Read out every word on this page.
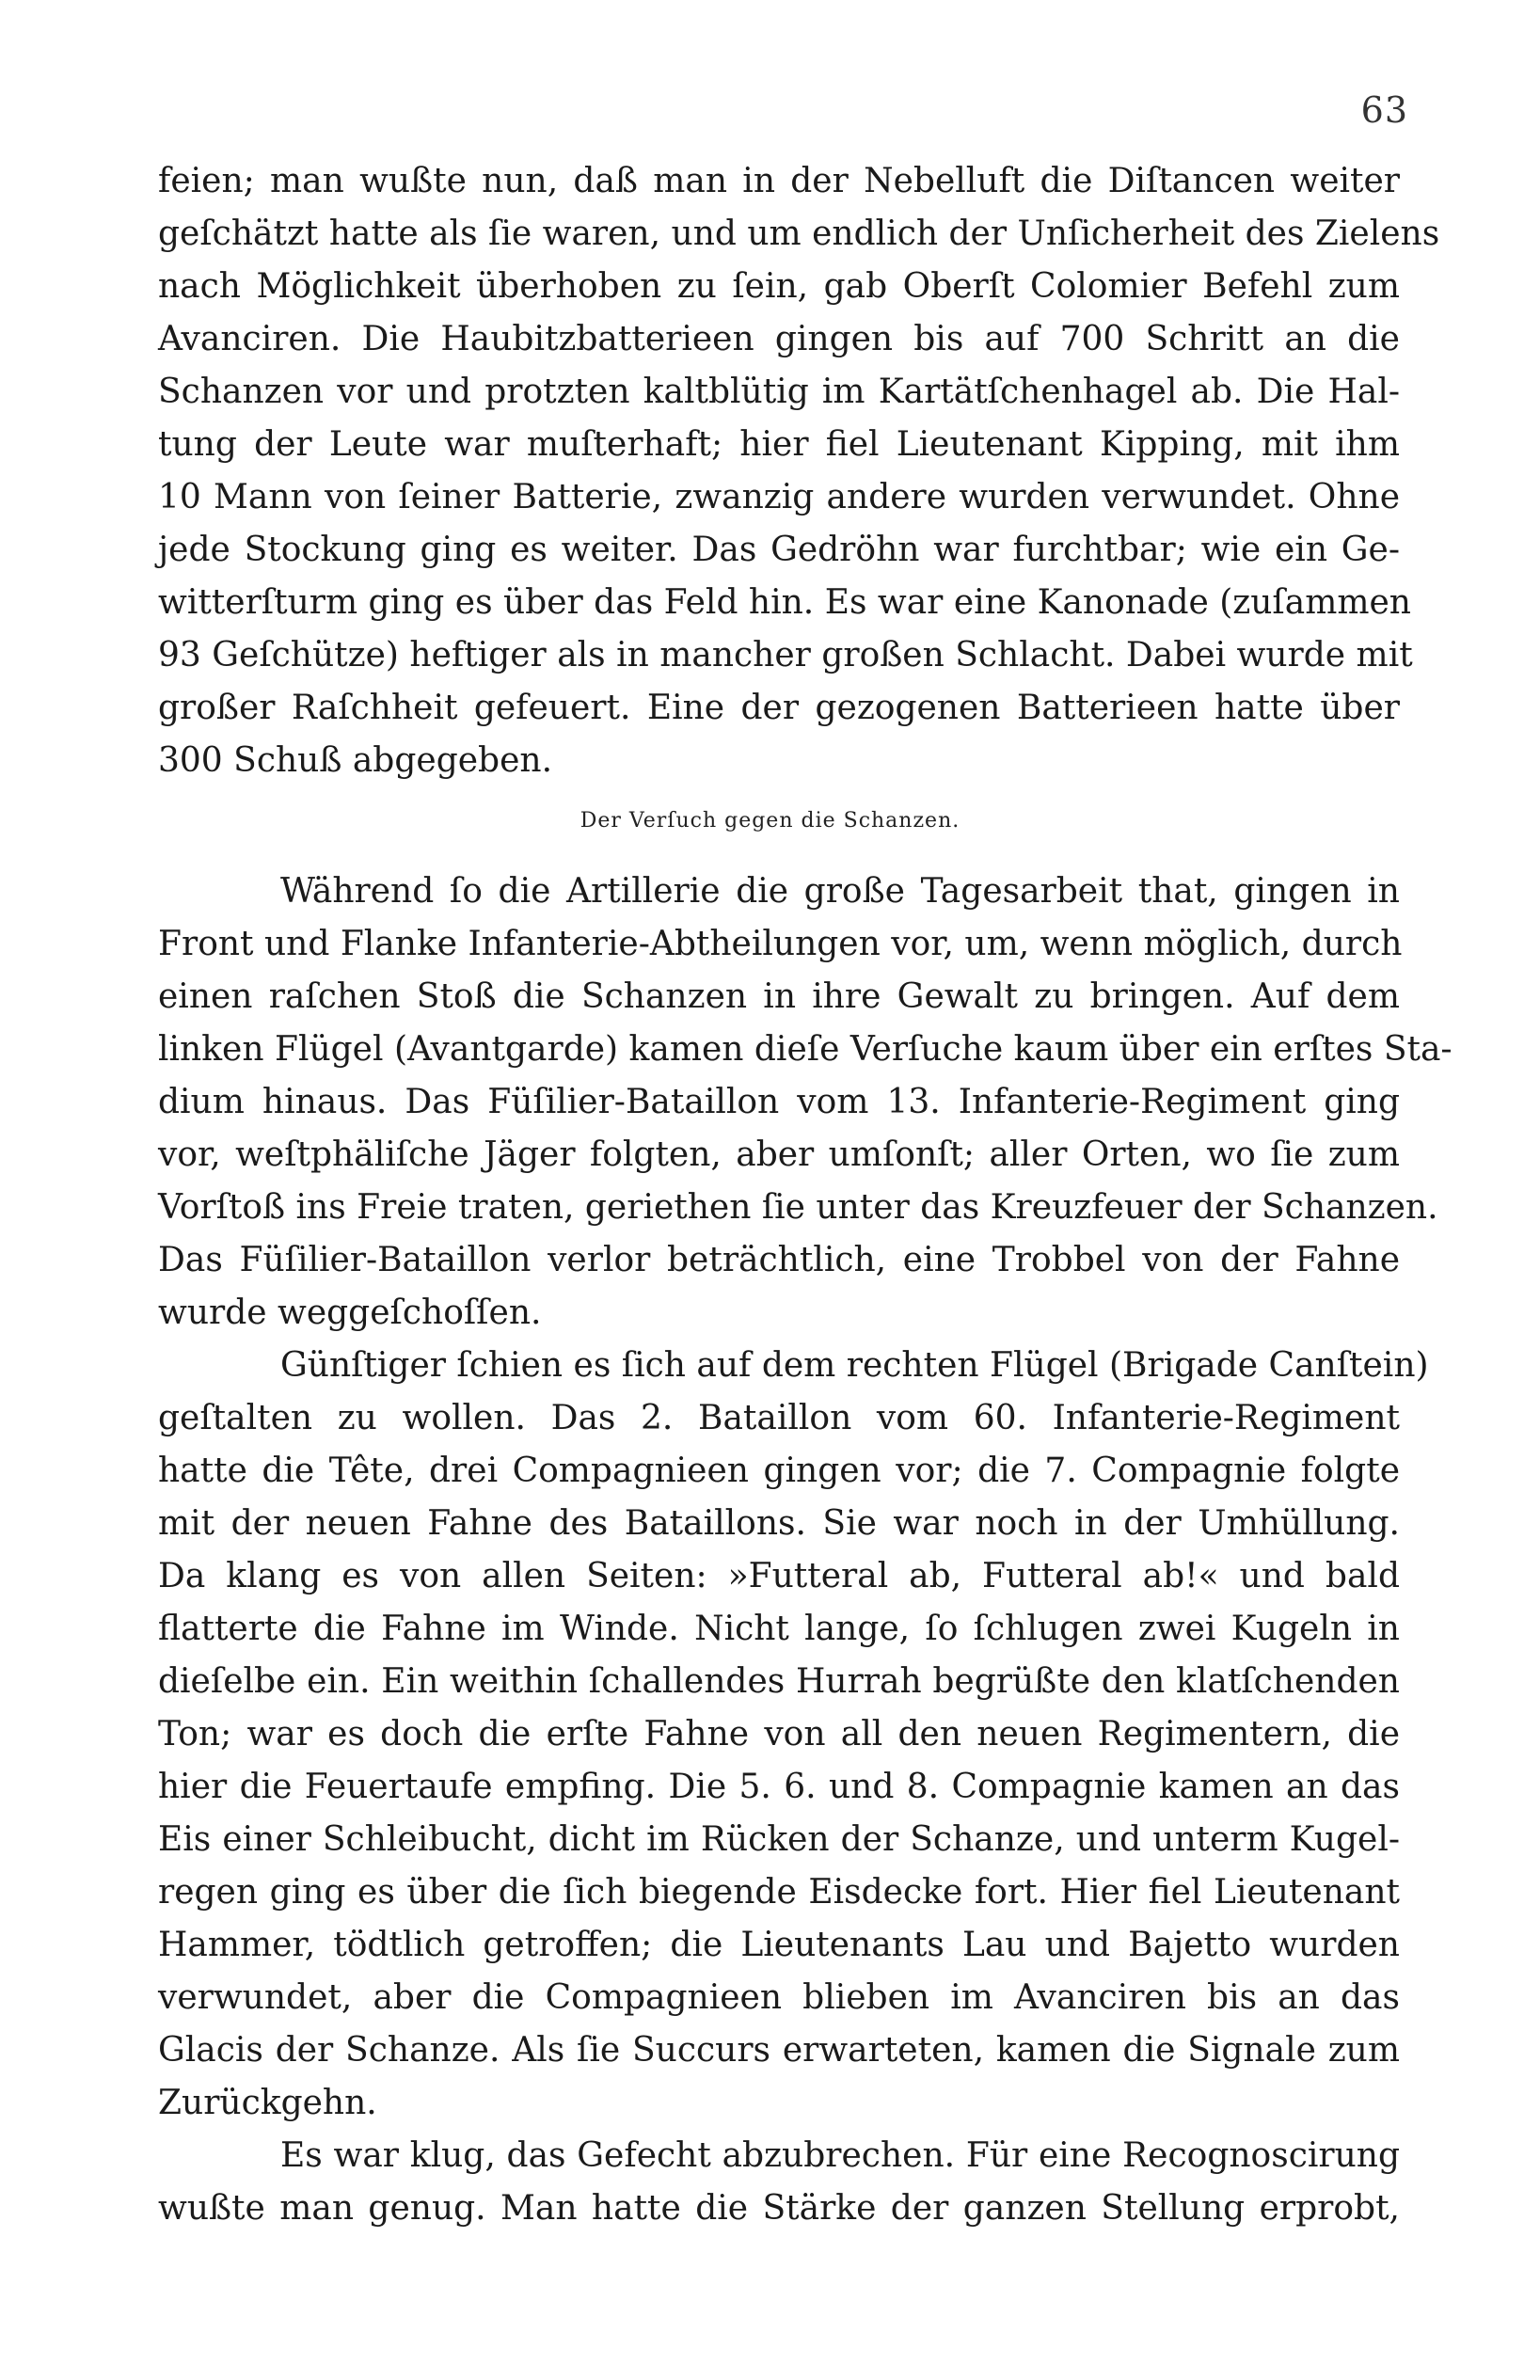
63
feien; man wußte nun, daß man in der Nebelluft die Diſtancen weiter
geſchätzt hatte als ſie waren, und um endlich der Unſicherheit des Zielens
nach Möglichkeit überhoben zu ſein, gab Oberſt Colomier Befehl zum
Avanciren. Die Haubitzbatterieen gingen bis auf 700 Schritt an die
Schanzen vor und protzten kaltblütig im Kartätſchenhagel ab. Die Hal-
tung der Leute war muſterhaft; hier fiel Lieutenant Kipping, mit ihm
10 Mann von ſeiner Batterie, zwanzig andere wurden verwundet. Ohne
jede Stockung ging es weiter. Das Gedröhn war furchtbar; wie ein Ge-
witterſturm ging es über das Feld hin. Es war eine Kanonade (zuſammen
93 Geſchütze) heftiger als in mancher großen Schlacht. Dabei wurde mit
großer Raſchheit gefeuert. Eine der gezogenen Batterieen hatte über
300 Schuß abgegeben.
Der Verſuch gegen die Schanzen.
Während ſo die Artillerie die große Tagesarbeit that, gingen in
Front und Flanke Infanterie-Abtheilungen vor, um, wenn möglich, durch
einen raſchen Stoß die Schanzen in ihre Gewalt zu bringen. Auf dem
linken Flügel (Avantgarde) kamen dieſe Verſuche kaum über ein erſtes Sta-
dium hinaus. Das Füſilier-Bataillon vom 13. Infanterie-Regiment ging
vor, weſtphäliſche Jäger folgten, aber umſonſt; aller Orten, wo ſie zum
Vorſtoß ins Freie traten, geriethen ſie unter das Kreuzfeuer der Schanzen.
Das Füſilier-Bataillon verlor beträchtlich, eine Trobbel von der Fahne
wurde weggeſchoſſen.
Günſtiger ſchien es ſich auf dem rechten Flügel (Brigade Canſtein)
geſtalten zu wollen. Das 2. Bataillon vom 60. Infanterie-Regiment
hatte die Tête, drei Compagnieen gingen vor; die 7. Compagnie folgte
mit der neuen Fahne des Bataillons. Sie war noch in der Umhüllung.
Da klang es von allen Seiten: »Futteral ab, Futteral ab!« und bald
flatterte die Fahne im Winde. Nicht lange, ſo ſchlugen zwei Kugeln in
dieſelbe ein. Ein weithin ſchallendes Hurrah begrüßte den klatſchenden
Ton; war es doch die erſte Fahne von all den neuen Regimentern, die
hier die Feuertaufe empfing. Die 5. 6. und 8. Compagnie kamen an das
Eis einer Schleibucht, dicht im Rücken der Schanze, und unterm Kugel-
regen ging es über die ſich biegende Eisdecke fort. Hier fiel Lieutenant
Hammer, tödtlich getroffen; die Lieutenants Lau und Bajetto wurden
verwundet, aber die Compagnieen blieben im Avanciren bis an das
Glacis der Schanze. Als ſie Succurs erwarteten, kamen die Signale zum
Zurückgehn.
Es war klug, das Gefecht abzubrechen. Für eine Recognoscirung
wußte man genug. Man hatte die Stärke der ganzen Stellung erprobt,
